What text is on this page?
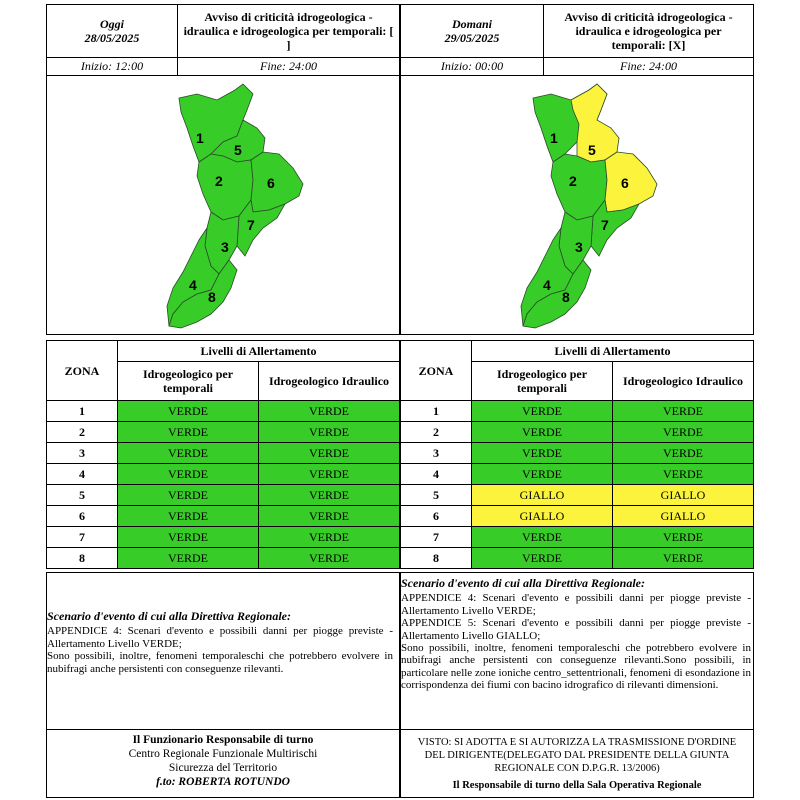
Oggi
28/05/2025
	Avviso di criticità idrogeologica - idraulica e idrogeologica per temporali: [ ]
Inizio: 12:00	Fine: 24:00
1
5
2	6
7
3
4
8
ZONA	Livelli di Allertamento	
	Idrogeologico per temporali	Idrogeologico Idraulico
1	VERDE	VERDE
2	VERDE	VERDE
3	VERDE	VERDE
4	VERDE	VERDE
5	VERDE	VERDE
6	VERDE	VERDE
7	VERDE	VERDE
8	VERDE	VERDE
Scenario d'evento di cui alla Direttiva Regionale:

APPENDICE 4: Scenari d'evento e possibili danni per piogge previste - Allertamento Livello VERDE;

Sono possibili, inoltre, fenomeni temporaleschi che potrebbero evolvere in nubifragi anche persistenti con conseguenze rilevanti.

Il Funzionario Responsabile di turno
Centro Regionale Funzionale Multirischi
Sicurezza del Territorio
f.to: ROBERTA ROTUNDO
Domani
29/05/2025
	Avviso di criticità idrogeologica - idraulica e idrogeologica per temporali: [X]
Inizio: 00:00	Fine: 24:00
1
5
2	6
7
3
4
8
ZONA	Livelli di Allertamento	
	Idrogeologico per temporali	Idrogeologico Idraulico
1	VERDE	VERDE
2	VERDE	VERDE
3	VERDE	VERDE
4	VERDE	VERDE
5	GIALLO	GIALLO
6	GIALLO	GIALLO
7	VERDE	VERDE
8	VERDE	VERDE
Scenario d'evento di cui alla Direttiva Regionale:

APPENDICE 4: Scenari d'evento e possibili danni per piogge previste - Allertamento Livello VERDE;

APPENDICE 5: Scenari d'evento e possibili danni per piogge previste - Allertamento Livello GIALLO;

Sono possibili, inoltre, fenomeni temporaleschi che potrebbero evolvere in nubifragi anche persistenti con conseguenze rilevanti.Sono possibili, in particolare nelle zone ioniche centro_settentrionali, fenomeni di esondazione in corrispondenza dei fiumi con bacino idrografico di rilevanti dimensioni.

VISTO: SI ADOTTA E SI AUTORIZZA LA TRASMISSIONE D'ORDINE DEL DIRIGENTE(DELEGATO DAL PRESIDENTE DELLA GIUNTA REGIONALE CON D.P.G.R. 13/2006)
Il Responsabile di turno della Sala Operativa Regionale
